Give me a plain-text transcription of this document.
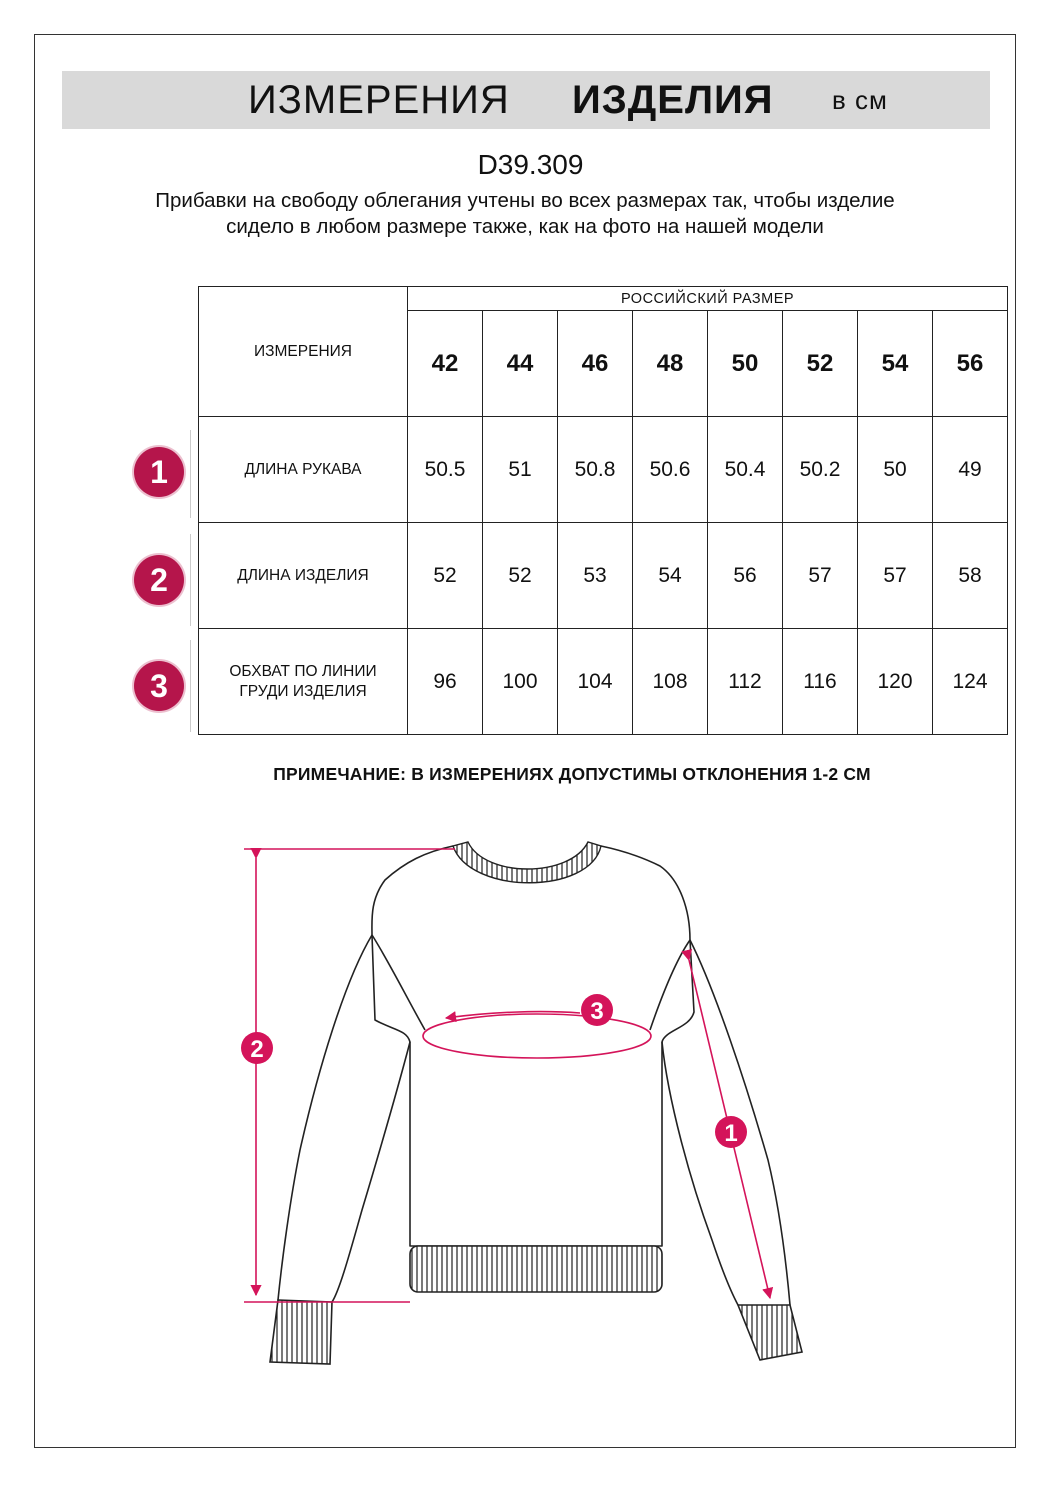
ИЗМЕРЕНИЯ ИЗДЕЛИЯ в см
D39.309
Прибавки на свободу облегания учтены во всех размерах так, чтобы изделие сидело в любом размере также, как на фото на нашей модели
ИЗМЕРЕНИЯ	РОССИЙСКИЙ РАЗМЕР							
	42	44	46	48	50	52	54	56
ДЛИНА РУКАВА	50.5	51	50.8	50.6	50.4	50.2	50	49
ДЛИНА ИЗДЕЛИЯ	52	52	53	54	56	57	57	58
ОБХВАТ ПО ЛИНИИ ГРУДИ ИЗДЕЛИЯ	96	100	104	108	112	116	120	124
1
2
3
ПРИМЕЧАНИЕ: В ИЗМЕРЕНИЯХ ДОПУСТИМЫ ОТКЛОНЕНИЯ 1-2 СМ
2
3
1
